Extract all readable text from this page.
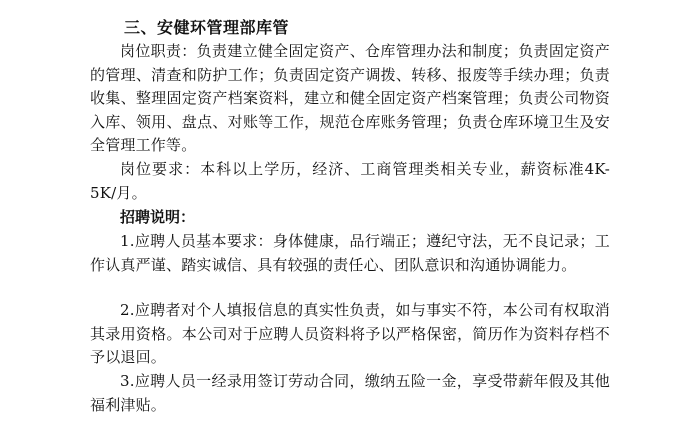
三、安健环管理部库管

岗位职责：负责建立健全固定资产、仓库管理办法和制度；负责固定资产的管理、清查和防护工作；负责固定资产调拨、转移、报废等手续办理；负责收集、整理固定资产档案资料，建立和健全固定资产档案管理；负责公司物资入库、领用、盘点、对账等工作，规范仓库账务管理；负责仓库环境卫生及安全管理工作等。

岗位要求：本科以上学历，经济、工商管理类相关专业，薪资标准4K-5K/月。

招聘说明：

1.应聘人员基本要求：身体健康，品行端正；遵纪守法，无不良记录；工作认真严谨、踏实诚信、具有较强的责任心、团队意识和沟通协调能力。

2.应聘者对个人填报信息的真实性负责，如与事实不符，本公司有权取消其录用资格。本公司对于应聘人员资料将予以严格保密，简历作为资料存档不予以退回。

3.应聘人员一经录用签订劳动合同，缴纳五险一金，享受带薪年假及其他福利津贴。
